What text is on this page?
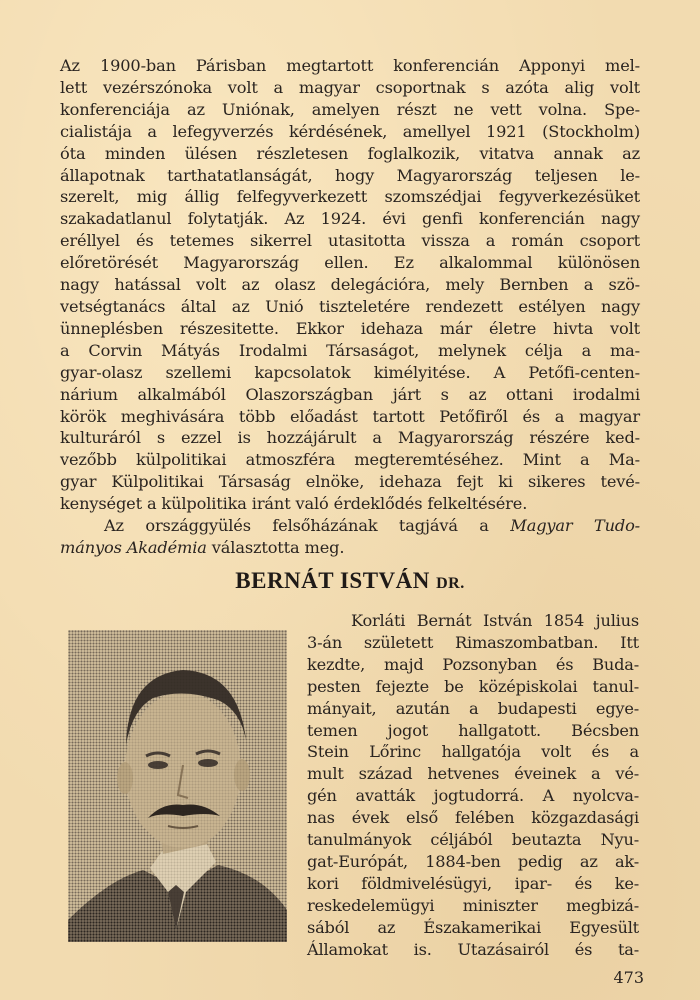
Az 1900-ban Párisban megtartott konferencián Apponyi mel-
lett vezérszónoka volt a magyar csoportnak s azóta alig volt
konferenciája az Uniónak, amelyen részt ne vett volna. Spe-
cialistája a lefegyverzés kérdésének, amellyel 1921 (Stockholm)
óta minden ülésen részletesen foglalkozik, vitatva annak az
állapotnak tarthatatlanságát, hogy Magyarország teljesen le-
szerelt, mig állig felfegyverkezett szomszédjai fegyverkezésüket
szakadatlanul folytatják. Az 1924. évi genfi konferencián nagy
eréllyel és tetemes sikerrel utasitotta vissza a román csoport
előretörését Magyarország ellen. Ez alkalommal különösen
nagy hatással volt az olasz delegációra, mely Bernben a szö-
vetségtanács által az Unió tiszteletére rendezett estélyen nagy
ünneplésben részesitette. Ekkor idehaza már életre hivta volt
a Corvin Mátyás Irodalmi Társaságot, melynek célja a ma-
gyar-olasz szellemi kapcsolatok kimélyitése. A Petőfi-centen-
nárium alkalmából Olaszországban járt s az ottani irodalmi
körök meghivására több előadást tartott Petőfiről és a magyar
kulturáról s ezzel is hozzájárult a Magyarország részére ked-
vezőbb külpolitikai atmoszféra megteremtéséhez. Mint a Ma-
gyar Külpolitikai Társaság elnöke, idehaza fejt ki sikeres tevé-
kenységet a külpolitika iránt való érdeklődés felkeltésére.
Az országgyülés felsőházának tagjává a Magyar Tudo-
mányos Akadémia választotta meg.
BERNÁT ISTVÁN DR.
Korláti Bernát István 1854 julius
3-án született Rimaszombatban. Itt
kezdte, majd Pozsonyban és Buda-
pesten fejezte be középiskolai tanul-
mányait, azután a budapesti egye-
temen jogot hallgatott. Bécsben
Stein Lőrinc hallgatója volt és a
mult század hetvenes éveinek a vé-
gén avatták jogtudorrá. A nyolcva-
nas évek első felében közgazdasági
tanulmányok céljából beutazta Nyu-
gat-Európát, 1884-ben pedig az ak-
kori földmivelésügyi, ipar- és ke-
reskedelemügyi miniszter megbizá-
sából az Északamerikai Egyesült
Államokat is. Utazásairól és ta-
473
